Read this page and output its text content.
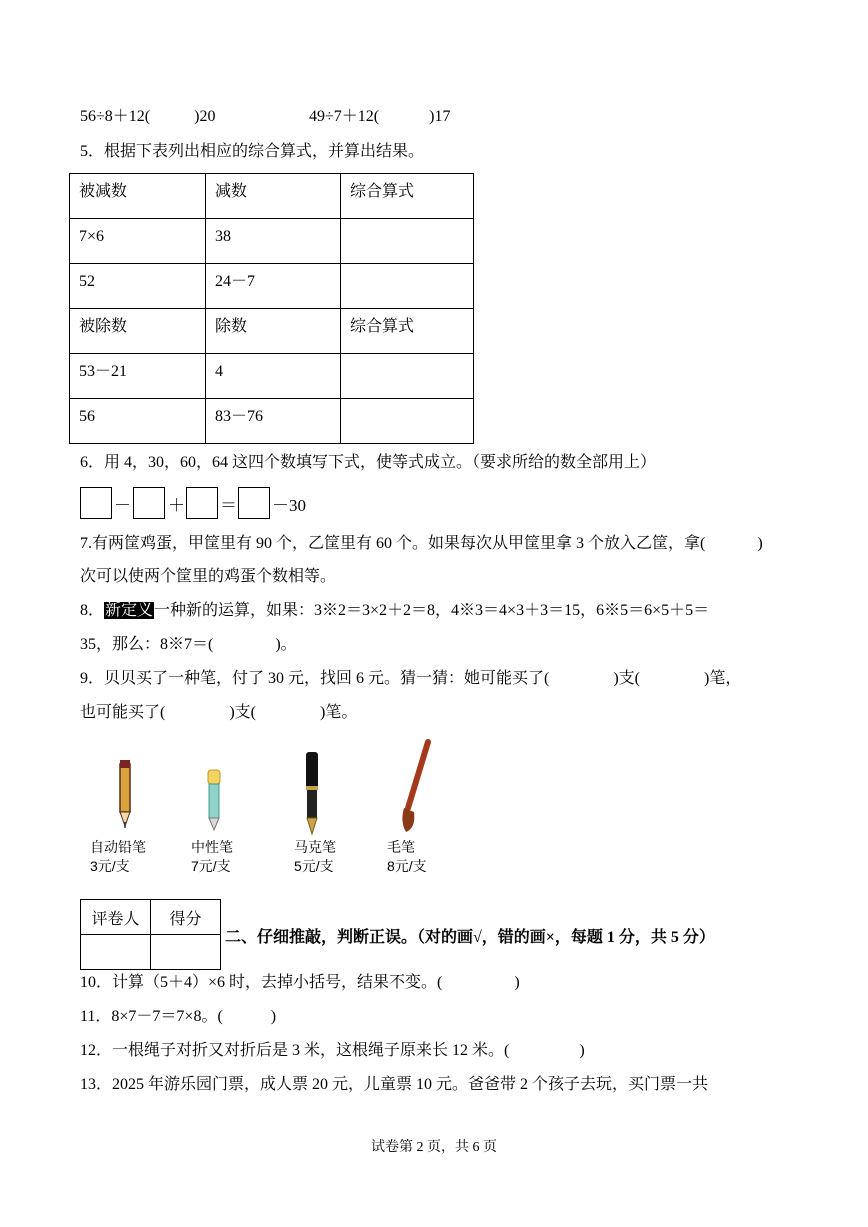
56÷8＋12(	)20	49÷7＋12(	)17
5．根据下表列出相应的综合算式，并算出结果。
被减数	减数	综合算式
7×6	38	
52	24－7	
被除数	除数	综合算式
53－21	4	
56	83－76	
6．用 4，30，60，64 这四个数填写下式，使等式成立。（要求所给的数全部用上）
－ ＋ ＝ －30
7.有两筐鸡蛋，甲筐里有 90 个，乙筐里有 60 个。如果每次从甲筐里拿 3 个放入乙筐，拿(	)
次可以使两个筐里的鸡蛋个数相等。
8．新定义一种新的运算，如果：3※2＝3×2＋2＝8，4※3＝4×3＋3＝15，6※5＝6×5＋5＝
35，那么：8※7＝(	)。
9．贝贝买了一种笔，付了 30 元，找回 6 元。猜一猜：她可能买了(	)支(	)笔，
也可能买了(	)支(	)笔。
自动铅笔
3元/支
中性笔
7元/支
马克笔
5元/支
毛笔
8元/支
评卷人	得分

二、仔细推敲，判断正误。（对的画√，错的画×，每题 1 分，共 5 分）
10．计算（5＋4）×6 时，去掉小括号，结果不变。(	)
11．8×7－7＝7×8。(	)
12．一根绳子对折又对折后是 3 米，这根绳子原来长 12 米。(	)
13．2025 年游乐园门票，成人票 20 元，儿童票 10 元。爸爸带 2 个孩子去玩，买门票一共
试卷第 2 页，共 6 页
